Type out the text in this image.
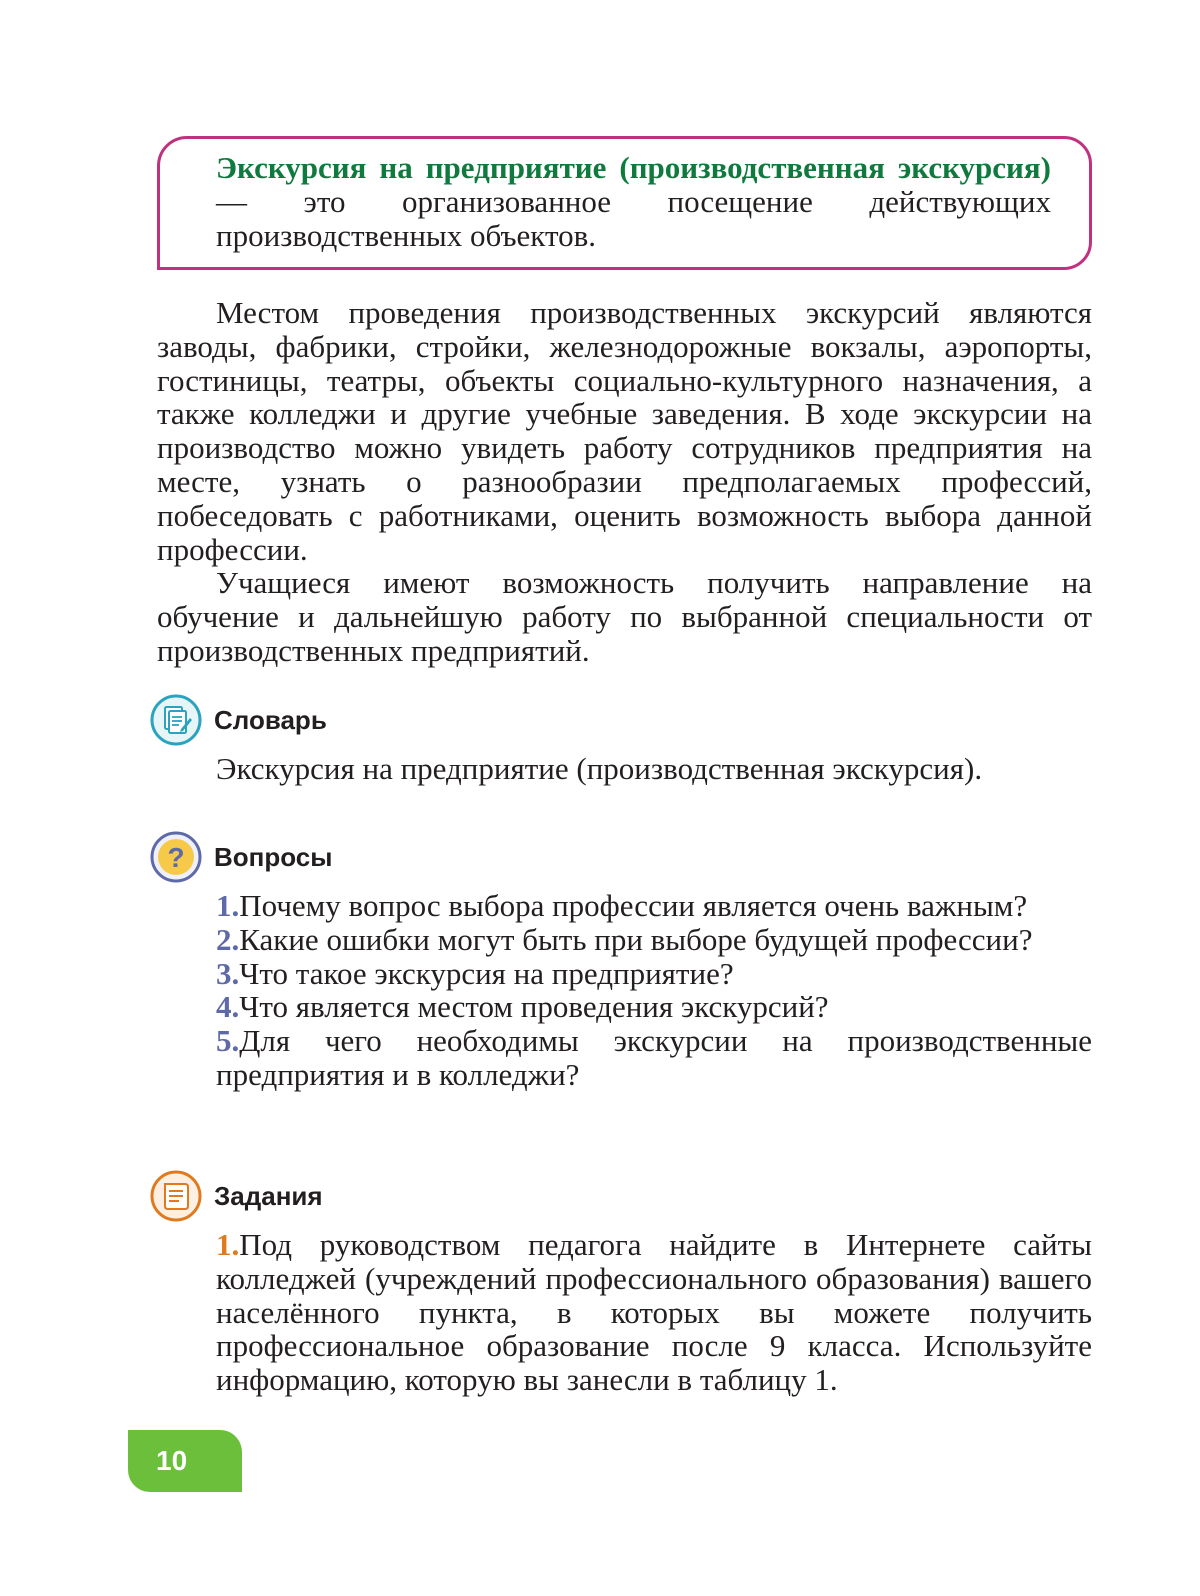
Экскурсия на предприятие (производственная экскурсия) — это организованное посещение действующих производственных объектов.

Местом проведения производственных экскурсий являются заводы, фабрики, стройки, железнодорожные вокзалы, аэропорты, гостиницы, театры, объекты социально-культурного назначения, а также колледжи и другие учебные заведения. В ходе экскурсии на производство можно увидеть работу сотрудников предприятия на месте, узнать о разнообразии предполагаемых профессий, побеседовать с работниками, оценить возможность выбора данной профессии.

Учащиеся имеют возможность получить направление на обучение и дальнейшую работу по выбранной специальности от производственных предприятий.

Словарь
Экскурсия на предприятие (производственная экскурсия).
? Вопросы

1.Почему вопрос выбора профессии является очень важным?

2.Какие ошибки могут быть при выборе будущей профессии?

3.Что такое экскурсия на предприятие?

4.Что является местом проведения экскурсий?

5.Для чего необходимы экскурсии на производственные предприятия и в колледжи?

Задания

1.Под руководством педагога найдите в Интернете сайты колледжей (учреждений профессионального образования) вашего населённого пункта, в которых вы можете получить профессиональное образование после 9 класса. Используйте информацию, которую вы занесли в таблицу 1.

10
